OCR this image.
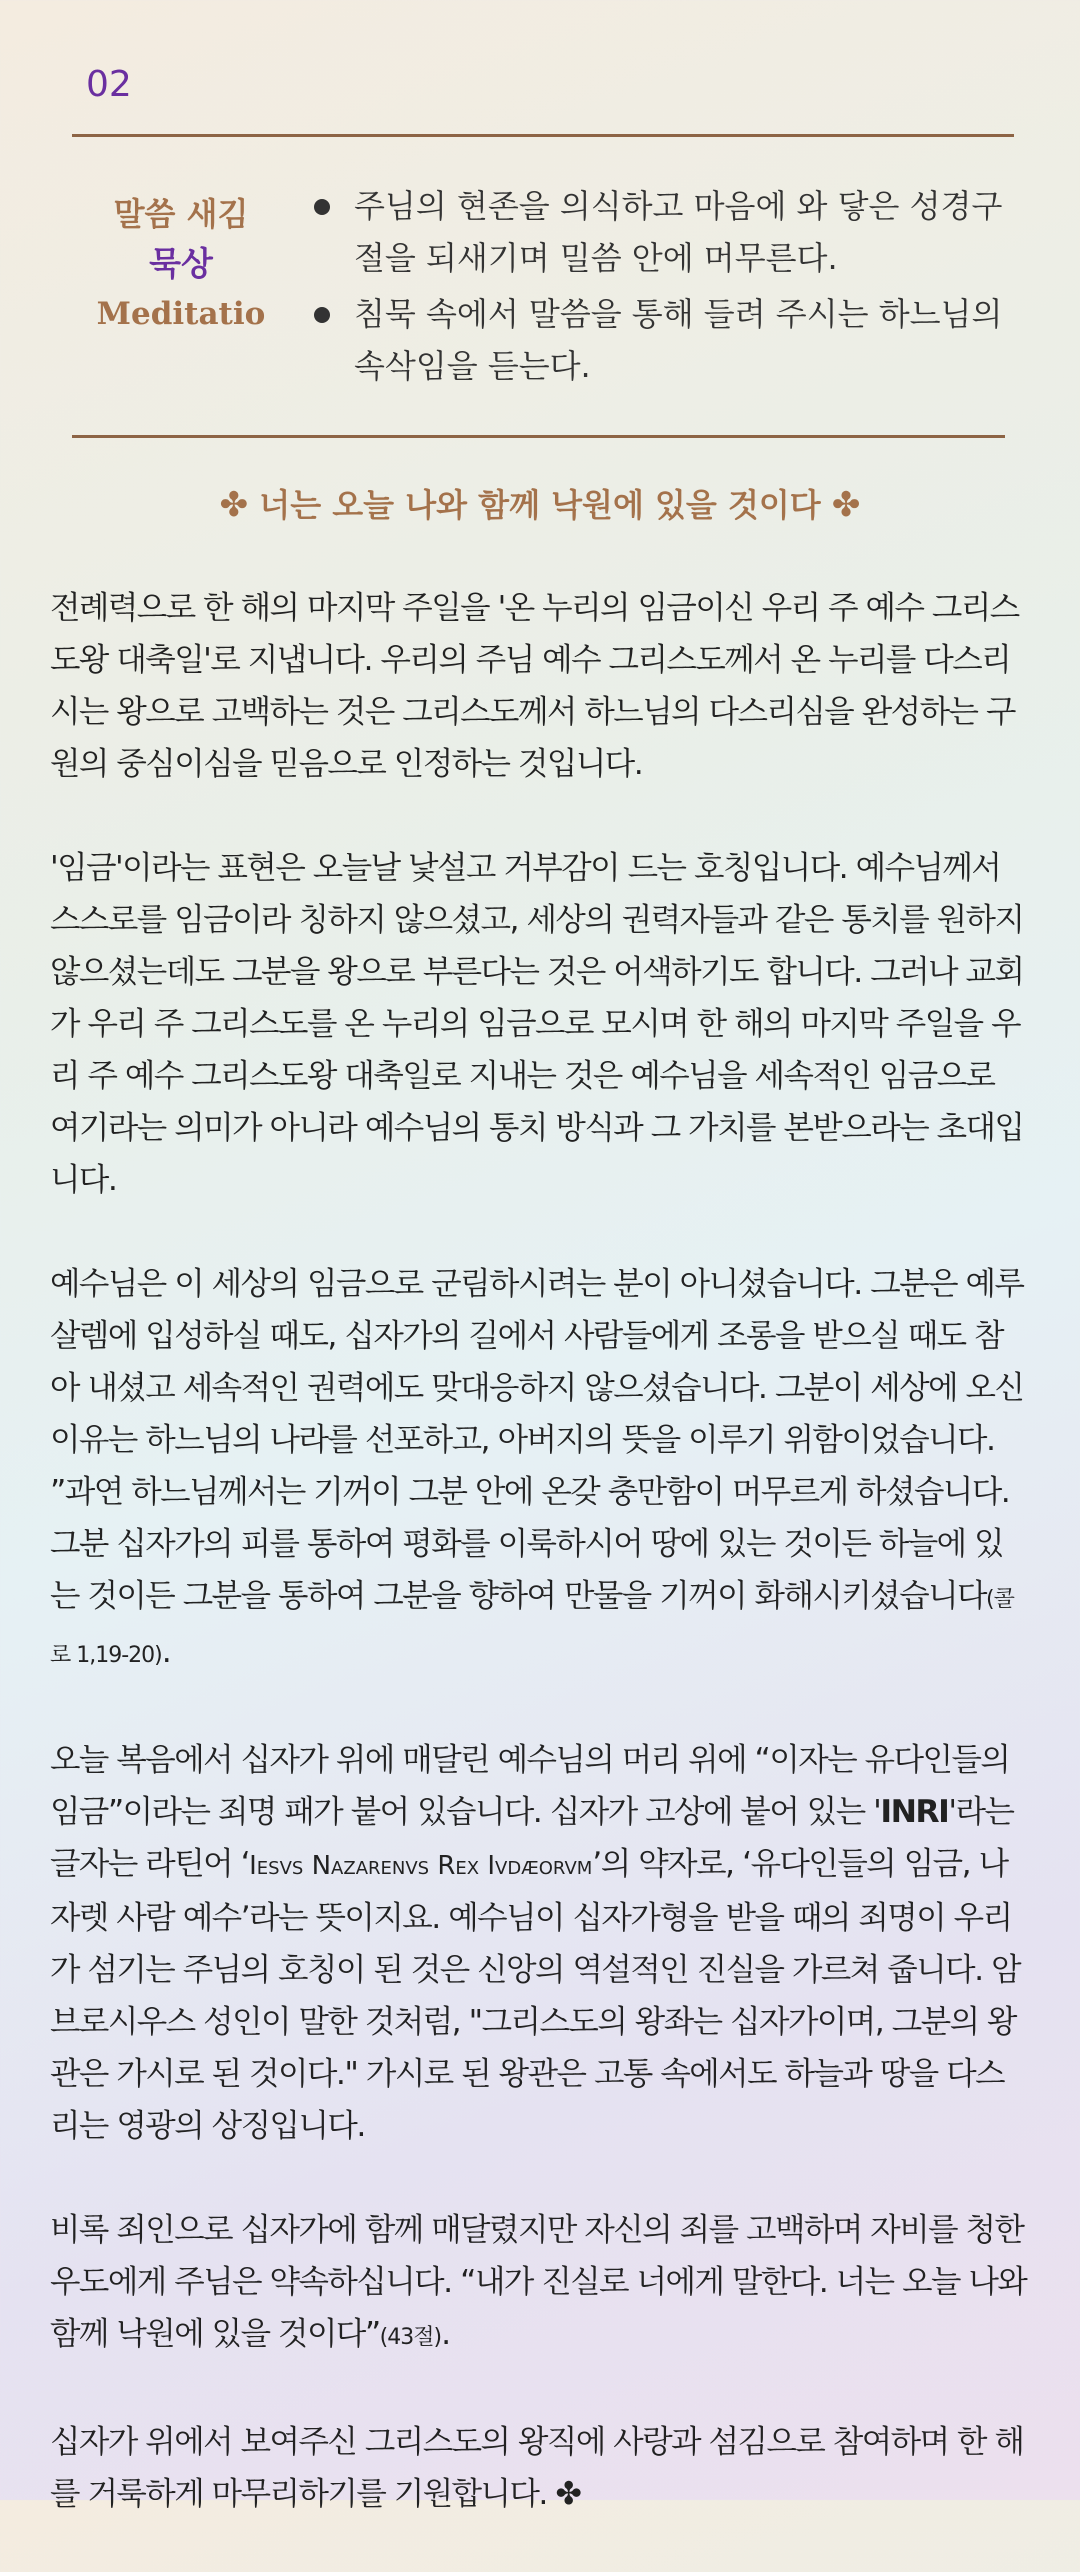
02
말씀 새김
묵상
Meditatio
주님의 현존을 의식하고 마음에 와 닿은 성경구절을 되새기며 밀씀 안에 머무른다.
침묵 속에서 말씀을 통해 들려 주시는 하느님의 속삭임을 듣는다.
✤ 너는 오늘 나와 함께 낙원에 있을 것이다 ✤

전례력으로 한 해의 마지막 주일을 '온 누리의 임금이신 우리 주 예수 그리스도왕 대축일'로 지냅니다. 우리의 주님 예수 그리스도께서 온 누리를 다스리시는 왕으로 고백하는 것은 그리스도께서 하느님의 다스리심을 완성하는 구원의 중심이심을 믿음으로 인정하는 것입니다.

'임금'이라는 표현은 오늘날 낯설고 거부감이 드는 호칭입니다. 예수님께서 스스로를 임금이라 칭하지 않으셨고, 세상의 권력자들과 같은 통치를 원하지 않으셨는데도 그분을 왕으로 부른다는 것은 어색하기도 합니다. 그러나 교회가 우리 주 그리스도를 온 누리의 임금으로 모시며 한 해의 마지막 주일을 우리 주 예수 그리스도왕 대축일로 지내는 것은 예수님을 세속적인 임금으로 여기라는 의미가 아니라 예수님의 통치 방식과 그 가치를 본받으라는 초대입니다.

예수님은 이 세상의 임금으로 군림하시려는 분이 아니셨습니다. 그분은 예루살렘에 입성하실 때도, 십자가의 길에서 사람들에게 조롱을 받으실 때도 참아 내셨고 세속적인 권력에도 맞대응하지 않으셨습니다. 그분이 세상에 오신 이유는 하느님의 나라를 선포하고, 아버지의 뜻을 이루기 위함이었습니다. ”과연 하느님께서는 기꺼이 그분 안에 온갖 충만함이 머무르게 하셨습니다. 그분 십자가의 피를 통하여 평화를 이룩하시어 땅에 있는 것이든 하늘에 있는 것이든 그분을 통하여 그분을 향하여 만물을 기꺼이 화해시키셨습니다(콜로 1,19-20).

오늘 복음에서 십자가 위에 매달린 예수님의 머리 위에 “이자는 유다인들의 임금”이라는 죄명 패가 붙어 있습니다. 십자가 고상에 붙어 있는 'INRI'라는 글자는 라틴어 ‘Iesvs Nazarenvs Rex Ivdæorvm’의 약자로, ‘유다인들의 임금, 나자렛 사람 예수’라는 뜻이지요. 예수님이 십자가형을 받을 때의 죄명이 우리가 섬기는 주님의 호칭이 된 것은 신앙의 역설적인 진실을 가르쳐 줍니다. 암브로시우스 성인이 말한 것처럼, "그리스도의 왕좌는 십자가이며, 그분의 왕관은 가시로 된 것이다." 가시로 된 왕관은 고통 속에서도 하늘과 땅을 다스리는 영광의 상징입니다.

비록 죄인으로 십자가에 함께 매달렸지만 자신의 죄를 고백하며 자비를 청한 우도에게 주님은 약속하십니다. “내가 진실로 너에게 말한다. 너는 오늘 나와 함께 낙원에 있을 것이다”(43절).

십자가 위에서 보여주신 그리스도의 왕직에 사랑과 섬김으로 참여하며 한 해를 거룩하게 마무리하기를 기원합니다. ✤
